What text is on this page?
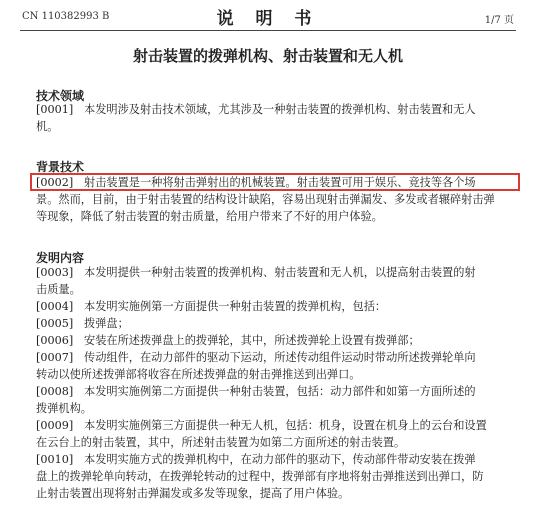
CN 110382993 B	说 明 书	1/7 页
射击装置的拨弹机构、射击装置和无人机
技术领域
[0001] 本发明涉及射击技术领域，尤其涉及一种射击装置的拨弹机构、射击装置和无人
机。
背景技术
[0002] 射击装置是一种将射击弹射出的机械装置。射击装置可用于娱乐、竞技等各个场
景。然而，目前，由于射击装置的结构设计缺陷，容易出现射击弹漏发、多发或者辗碎射击弹
等现象，降低了射击装置的射击质量，给用户带来了不好的用户体验。
发明内容
[0003] 本发明提供一种射击装置的拨弹机构、射击装置和无人机，以提高射击装置的射
击质量。
[0004] 本发明实施例第一方面提供一种射击装置的拨弹机构，包括：
[0005] 拨弹盘；
[0006] 安装在所述拨弹盘上的拨弹轮，其中，所述拨弹轮上设置有拨弹部；
[0007] 传动组件，在动力部件的驱动下运动，所述传动组件运动时带动所述拨弹轮单向
转动以使所述拨弹部将收容在所述拨弹盘的射击弹推送到出弹口。
[0008] 本发明实施例第二方面提供一种射击装置，包括：动力部件和如第一方面所述的
拨弹机构。
[0009] 本发明实施例第三方面提供一种无人机，包括：机身，设置在机身上的云台和设置
在云台上的射击装置，其中，所述射击装置为如第二方面所述的射击装置。
[0010] 本发明实施方式的拨弹机构中，在动力部件的驱动下，传动部件带动安装在拨弹
盘上的拨弹轮单向转动，在拨弹轮转动的过程中，拨弹部有序地将射击弹推送到出弹口，防
止射击装置出现将射击弹漏发或多发等现象，提高了用户体验。
